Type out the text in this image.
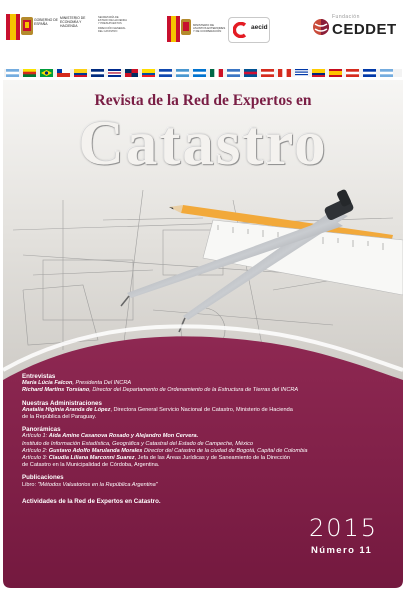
GOBIERNO DE ESPAÑA
MINISTERIO DE ECONOMÍA Y HACIENDA
SECRETARÍA DE ESTADO DE HACIENDA Y PRESUPUESTOS
DIRECCIÓN GENERAL DEL CATASTRO
MINISTERIO DE ASUNTOS EXTERIORES Y DE COOPERACIÓN
aecid
Fundación
CEDDET
Revista de la Red de Expertos en
Catastro
Entrevistas
María Lúcia Falcon, Presidenta Del INCRA
Richard Martins Torsiano, Director del Departamento de Ordenamiento de la Estructura de Tierras del INCRA
Nuestras Administraciones
Anatalia Higinia Aranda de López, Directora General Servicio Nacional de Catastro, Ministerio de Hacienda
de la República del Paraguay.
Panorámicas
Artículo 1: Aida Amine Casanova Rosado y Alejandro Mon Cervera.
Instituto de Información Estadística, Geográfica y Catastral del Estado de Campeche, México
Artículo 2: Gustavo Adolfo Marulanda Morales Director del Catastro de la ciudad de Bogotá, Capital de Colombia
Artículo 3: Claudia Liliana Marconni Suarez, Jefa de las Áreas Jurídicas y de Saneamiento de la Dirección
de Catastro en la Municipalidad de Córdoba, Argentina.
Publicaciones
Libro: "Métodos Valuatorios en la República Argentina"
Actividades de la Red de Expertos en Catastro.
2015
Número 11
